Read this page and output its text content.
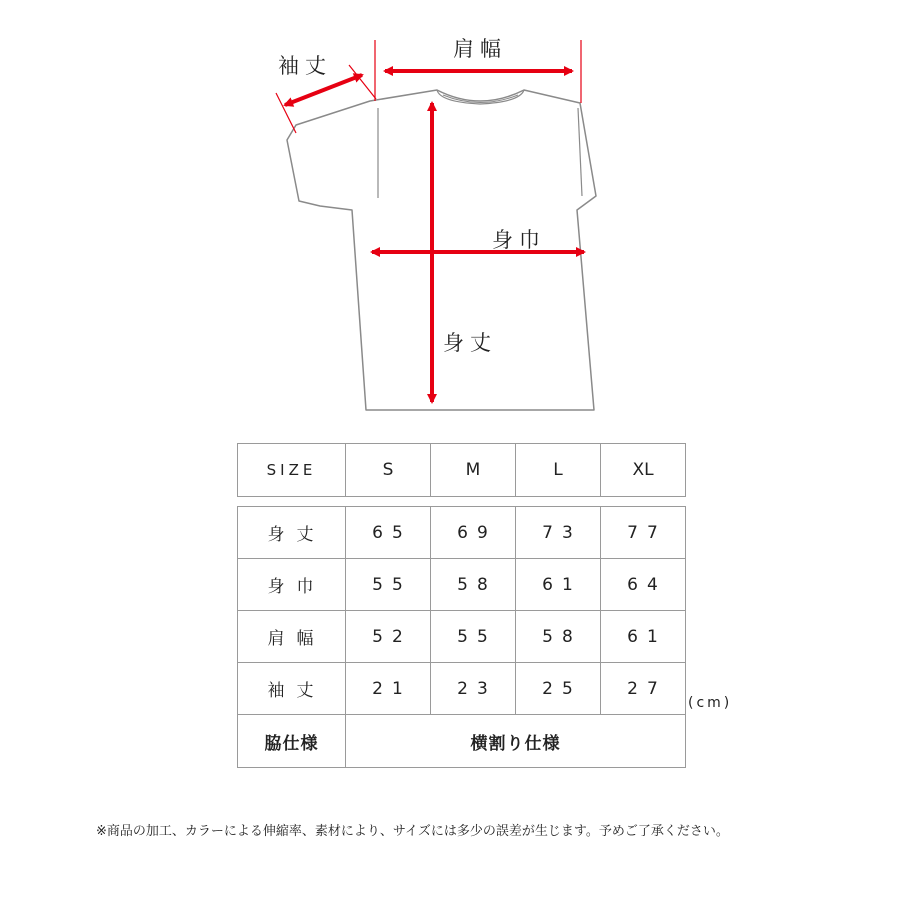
袖丈
肩幅
身巾
身丈
SIZE	S	M	L	XL
身丈	65	69	73	77
身巾	55	58	61	64
肩幅	52	55	58	61
袖丈	21	23	25	27
脇仕様	横割り仕様			
(cm)
※商品の加工、カラーによる伸縮率、素材により、サイズには多少の誤差が生じます。予めご了承ください。
